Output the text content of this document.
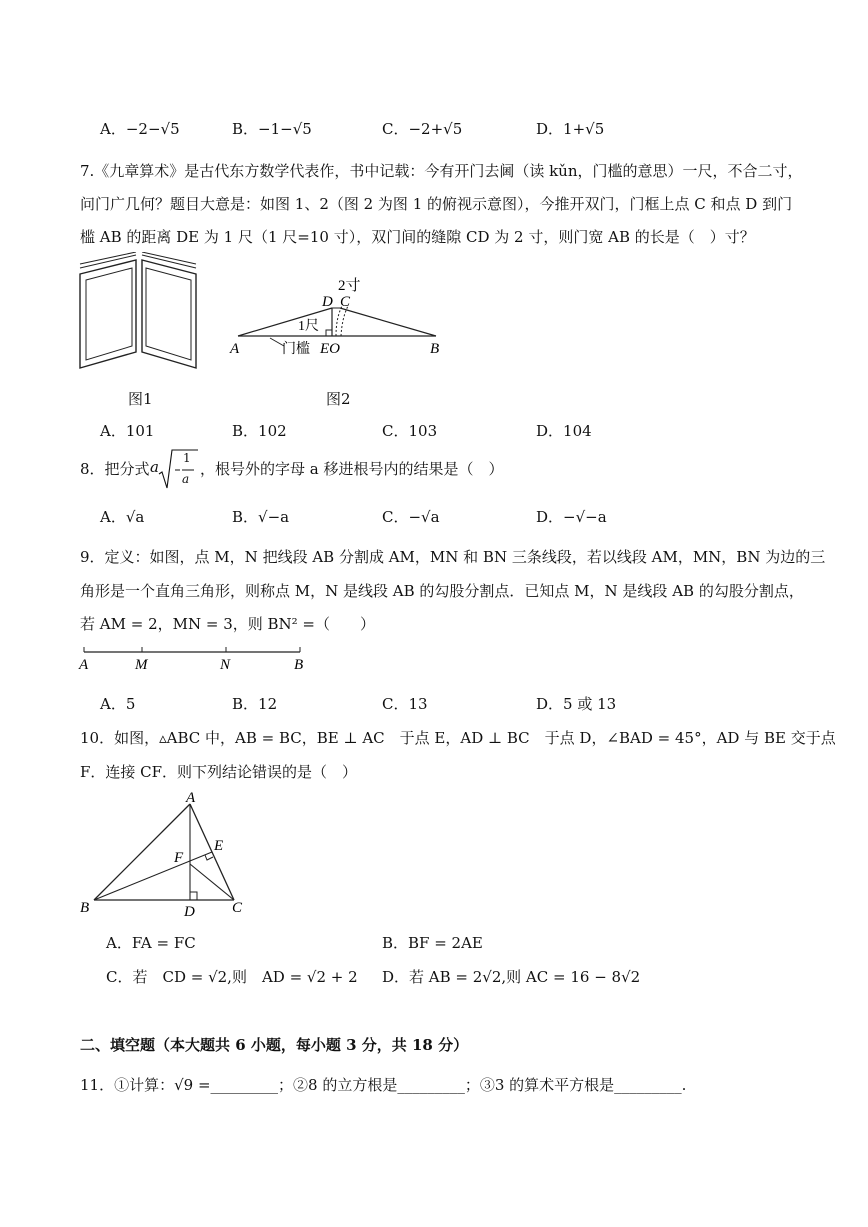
A．−2−√5	B．−1−√5	C．−2+√5	D．1+√5
7.《九章算术》是古代东方数学代表作，书中记载：今有开门去阃（读 kǔn，门槛的意思）一尺，不合二寸，
问门广几何？题目大意是：如图 1、2（图 2 为图 1 的俯视示意图），今推开双门，门框上点 C 和点 D 到门
槛 AB 的距离 DE 为 1 尺（1 尺=10 寸），双门间的缝隙 CD 为 2 寸，则门宽 AB 的长是（　）寸？
图1
2寸
D C
1尺
A	门槛 EO	B
图2
A．101	B．102	C．103	D．104
8．把分式 a 1
a
，根号外的字母 a 移进根号内的结果是（　）
A．√a	B．√−a	C．−√a	D．−√−a
9．定义：如图，点 M，N 把线段 AB 分割成 AM，MN 和 BN 三条线段，若以线段 AM，MN，BN 为边的三
角形是一个直角三角形，则称点 M，N 是线段 AB 的勾股分割点．已知点 M，N 是线段 AB 的勾股分割点，
若 AM = 2，MN = 3，则 BN² =（　　）
A	M	N	B
A．5	B．12	C．13	D．5 或 13
10．如图，▵ABC 中，AB = BC，BE ⊥ AC　于点 E，AD ⊥ BC　于点 D，∠BAD = 45°，AD 与 BE 交于点
F．连接 CF．则下列结论错误的是（　）
A
E
F
B	D C
A．FA = FC	B．BF = 2AE
C．若　CD = √2,则　AD = √2 + 2 D．若 AB = 2√2,则 AC = 16 − 8√2
二、填空题（本大题共 6 小题，每小题 3 分，共 18 分）
11．①计算：√9 =_________；②8 的立方根是_________；③3 的算术平方根是_________.
